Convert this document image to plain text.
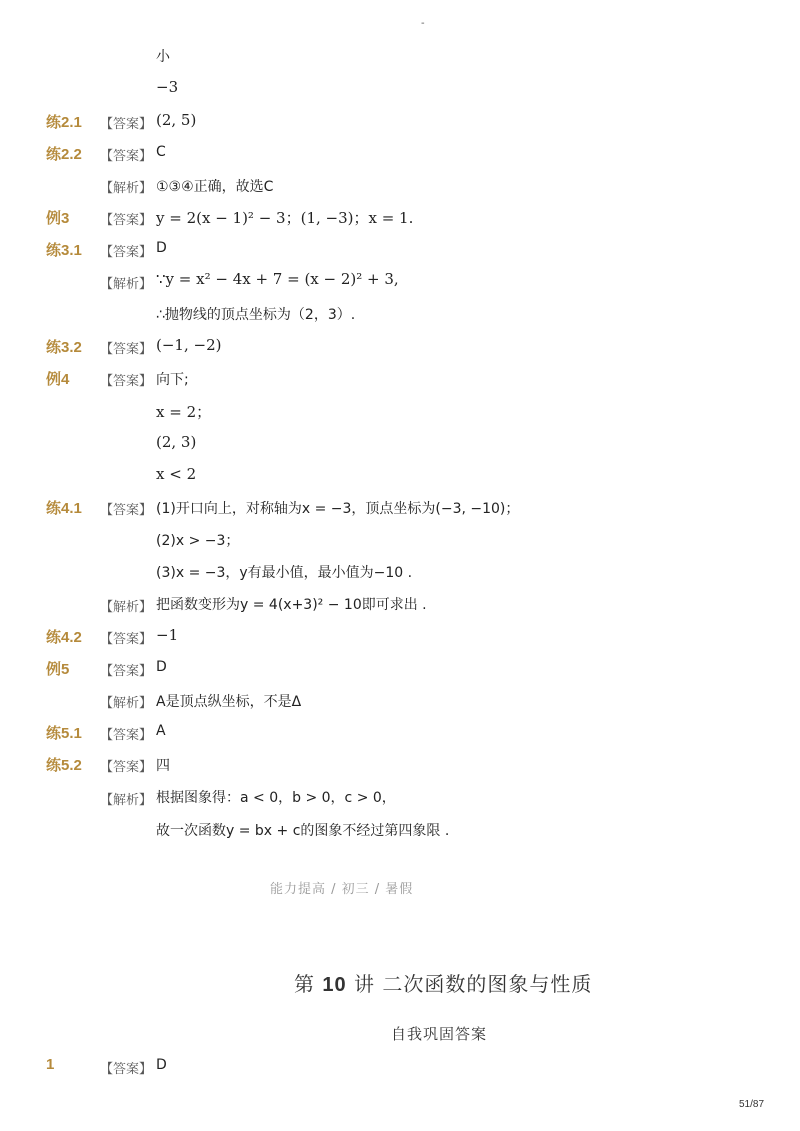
-
小
−3
练2.1 【答案】 (2, 5)
练2.2 【答案】 C
【解析】 ①③④正确，故选C
例3 【答案】 y = 2(x − 1)² − 3；(1, −3)；x = 1.
练3.1 【答案】 D
【解析】 ∵y = x² − 4x + 7 = (x − 2)² + 3,
∴抛物线的顶点坐标为（2，3）.
练3.2 【答案】 (−1, −2)
例4 【答案】 向下;
x = 2；
(2, 3)
x < 2
练4.1 【答案】 (1)开口向上，对称轴为x = −3，顶点坐标为(−3, −10)；
(2)x > −3；
(3)x = −3，y有最小值，最小值为−10 .
【解析】 把函数变形为y = 4(x+3)² − 10即可求出 .
练4.2 【答案】 −1
例5 【答案】 D
【解析】 A是顶点纵坐标，不是Δ
练5.1 【答案】 A
练5.2 【答案】 四
【解析】 根据图象得：a < 0，b > 0，c > 0，
故一次函数y = bx + c的图象不经过第四象限 .
能力提高 / 初三 / 暑假
第 10 讲 二次函数的图象与性质
自我巩固答案
1	【答案】 D
51/87
